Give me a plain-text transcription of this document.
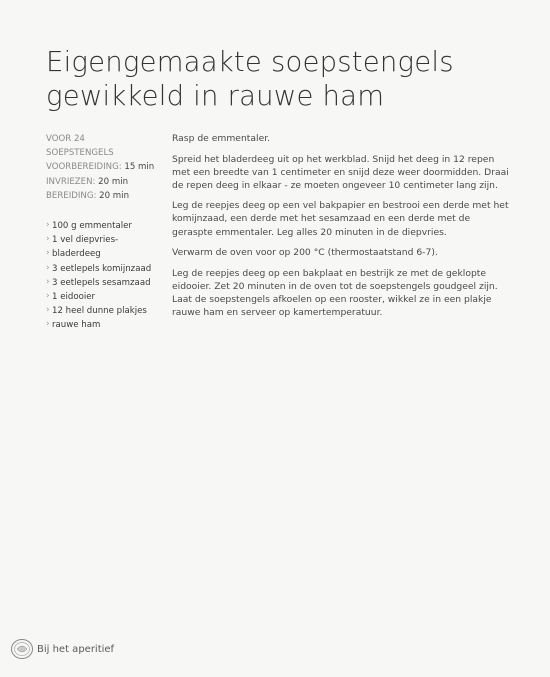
Eigengemaakte soepstengels
gewikkeld in rauwe ham
VOOR 24
SOEPSTENGELS
VOORBEREIDING: 15 min
INVRIEZEN: 20 min
BEREIDING: 20 min
› 100 g emmentaler
› 1 vel diepvries-
› bladerdeeg
› 3 eetlepels komijnzaad
› 3 eetlepels sesamzaad
› 1 eidooier
› 12 heel dunne plakjes
› rauwe ham

Rasp de emmentaler.

Spreid het bladerdeeg uit op het werkblad. Snijd het deeg in 12 repen met een breedte van 1 centimeter en snijd deze weer doormidden. Draai de repen deeg in elkaar - ze moeten ongeveer 10 centimeter lang zijn.

Leg de reepjes deeg op een vel bakpapier en bestrooi een derde met het komijnzaad, een derde met het sesamzaad en een derde met de geraspte emmentaler. Leg alles 20 minuten in de diepvries.

Verwarm de oven voor op 200 °C (thermostaatstand 6-7).

Leg de reepjes deeg op een bakplaat en bestrijk ze met de geklopte eidooier. Zet 20 minuten in de oven tot de soepstengels goudgeel zijn. Laat de soepstengels afkoelen op een rooster, wikkel ze in een plakje rauwe ham en serveer op kamertemperatuur.

Bij het aperitief
